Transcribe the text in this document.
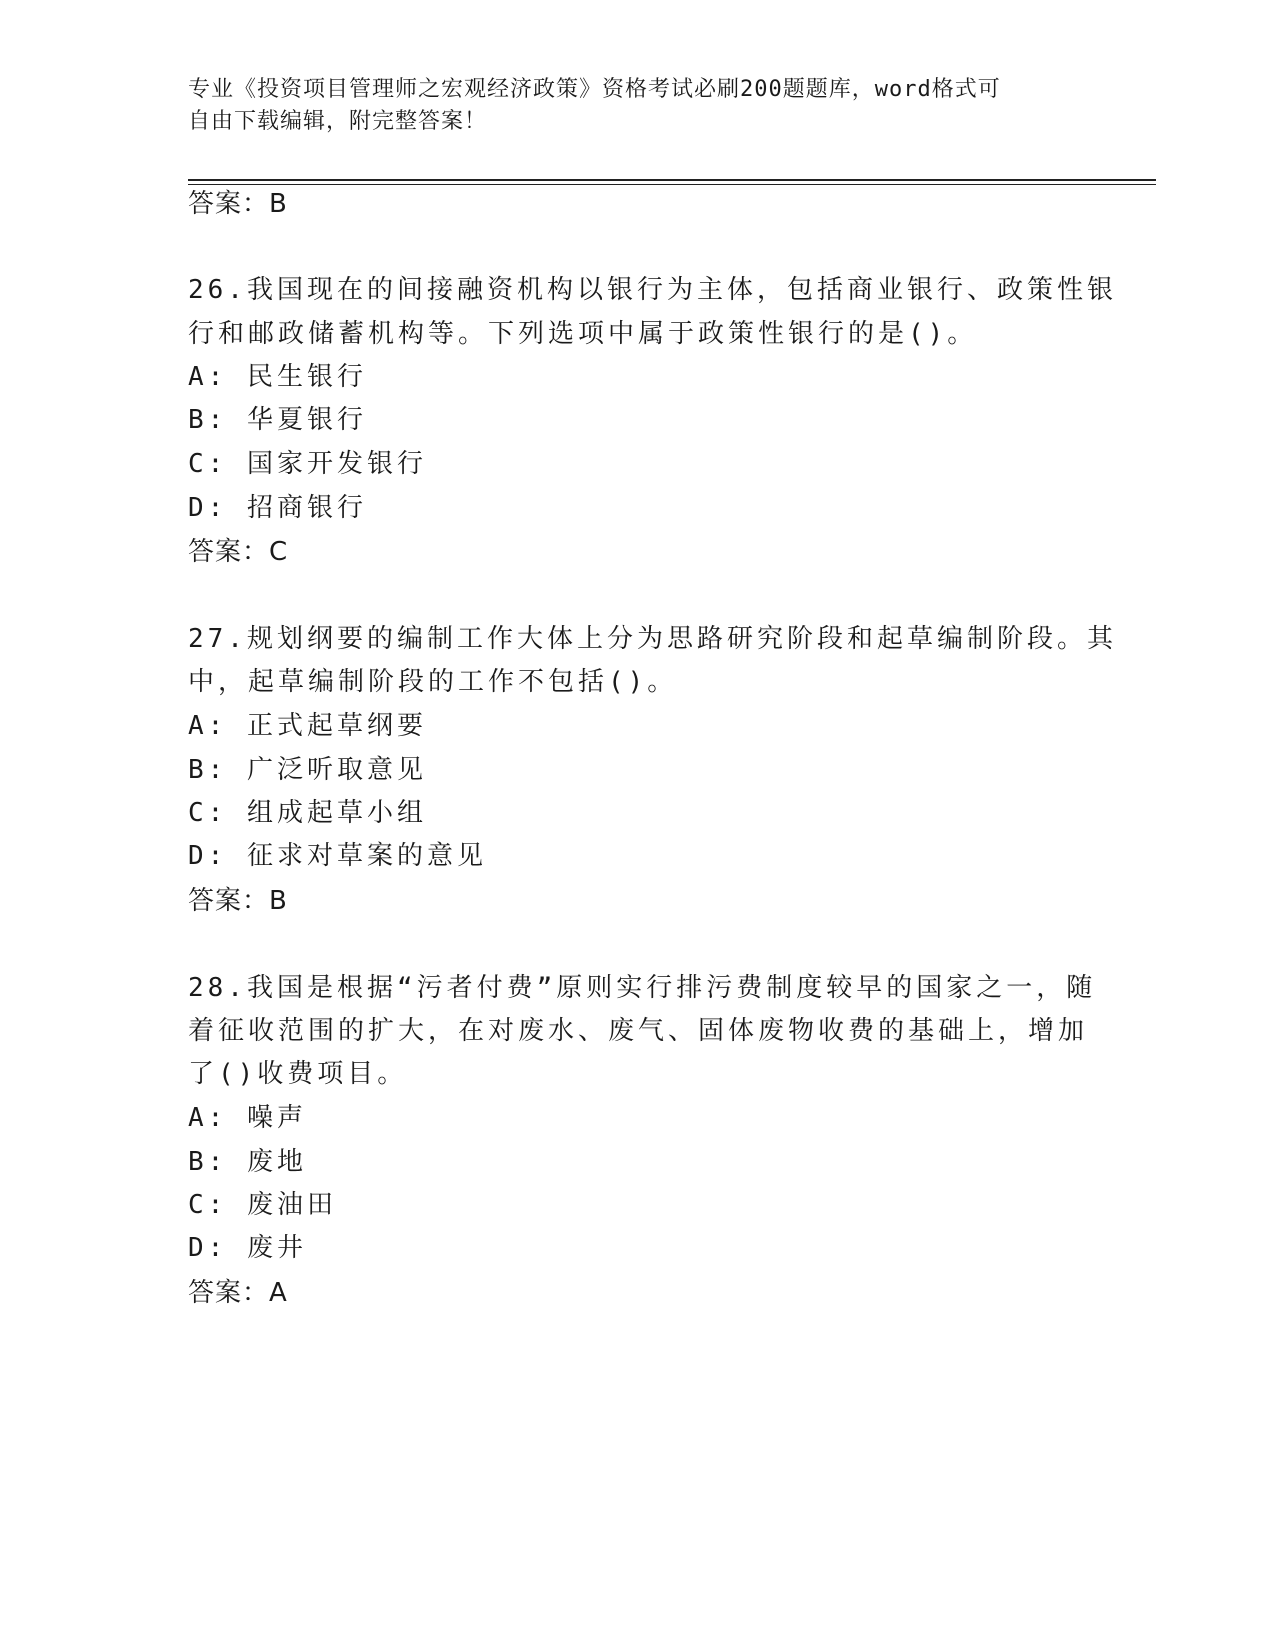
专业《投资项目管理师之宏观经济政策》资格考试必刷200题题库，word格式可
自由下载编辑，附完整答案！
答案：B
26.我国现在的间接融资机构以银行为主体，包括商业银行、政策性银
行和邮政储蓄机构等。下列选项中属于政策性银行的是()。
A: 民生银行
B: 华夏银行
C: 国家开发银行
D: 招商银行
答案：C
27.规划纲要的编制工作大体上分为思路研究阶段和起草编制阶段。其
中，起草编制阶段的工作不包括()。
A: 正式起草纲要
B: 广泛听取意见
C: 组成起草小组
D: 征求对草案的意见
答案：B
28.我国是根据“污者付费”原则实行排污费制度较早的国家之一，随
着征收范围的扩大，在对废水、废气、固体废物收费的基础上，增加
了()收费项目。
A: 噪声
B: 废地
C: 废油田
D: 废井
答案：A
